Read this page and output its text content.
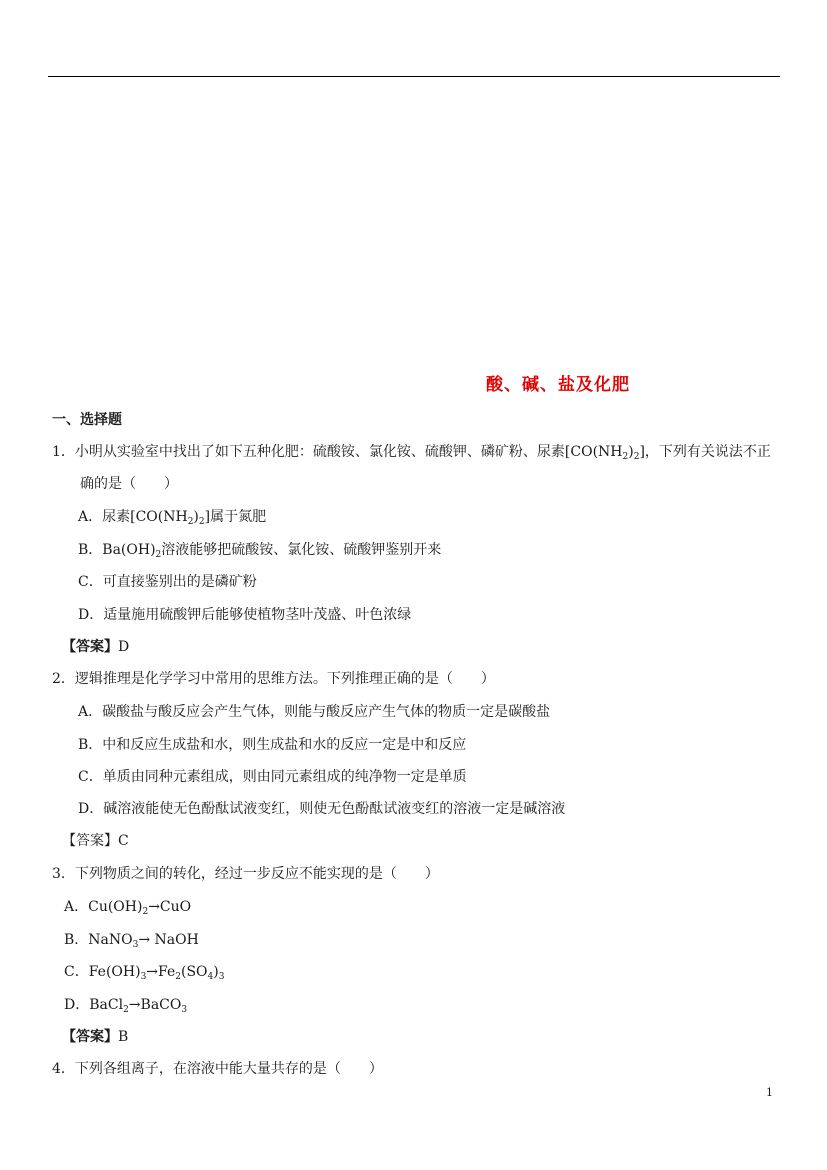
酸、碱、盐及化肥
一、选择题
1．小明从实验室中找出了如下五种化肥：硫酸铵、氯化铵、硫酸钾、磷矿粉、尿素$[CO(NH_2)_2]$，下列有关说法不正
确的是（　　）
A．尿素$[CO(NH_2)_2]$属于氮肥
B．$Ba(OH)_2$溶液能够把硫酸铵、氯化铵、硫酸钾鉴别开来
C．可直接鉴别出的是磷矿粉
D．适量施用硫酸钾后能够使植物茎叶茂盛、叶色浓绿
【答案】D
2．逻辑推理是化学学习中常用的思维方法。下列推理正确的是（　　）
A．碳酸盐与酸反应会产生气体，则能与酸反应产生气体的物质一定是碳酸盐
B．中和反应生成盐和水，则生成盐和水的反应一定是中和反应
C．单质由同种元素组成，则由同元素组成的纯净物一定是单质
D．碱溶液能使无色酚酞试液变红，则使无色酚酞试液变红的溶液一定是碱溶液
【答案】C
3．下列物质之间的转化，经过一步反应不能实现的是（　　）
A．$Cu(OH)_2\to CuO$
B．NaNO$_3$→ NaOH
C．$Fe(OH)_3\to Fe_2(SO_4)_3$
D．BaCl$_2$→BaCO$_3$
【答案】B
4．下列各组离子，在溶液中能大量共存的是（　　）
1
